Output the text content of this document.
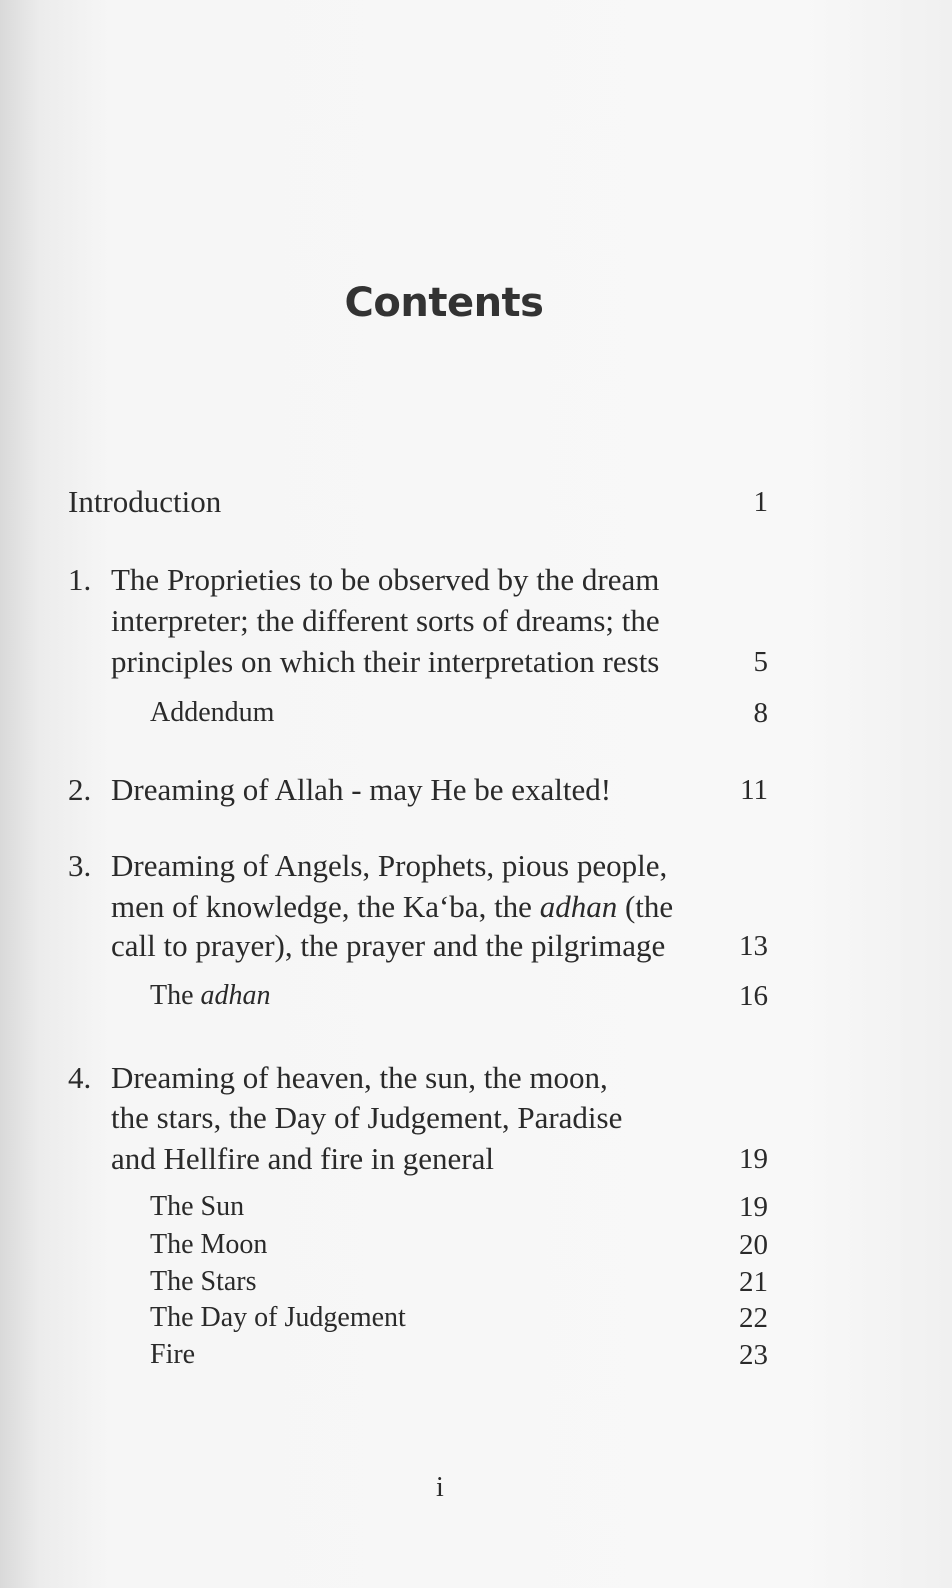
Contents
Introduction	1
1. The Proprieties to be observed by the dream
interpreter; the different sorts of dreams; the
principles on which their interpretation rests	5
Addendum	8
2. Dreaming of Allah - may He be exalted!	11
3. Dreaming of Angels, Prophets, pious people,
men of knowledge, the Ka‘ba, the adhan (the
call to prayer), the prayer and the pilgrimage	13
The adhan	16
4. Dreaming of heaven, the sun, the moon,
the stars, the Day of Judgement, Paradise
and Hellfire and fire in general	19
The Sun	19
The Moon	20
The Stars	21
The Day of Judgement	22
Fire	23
i
